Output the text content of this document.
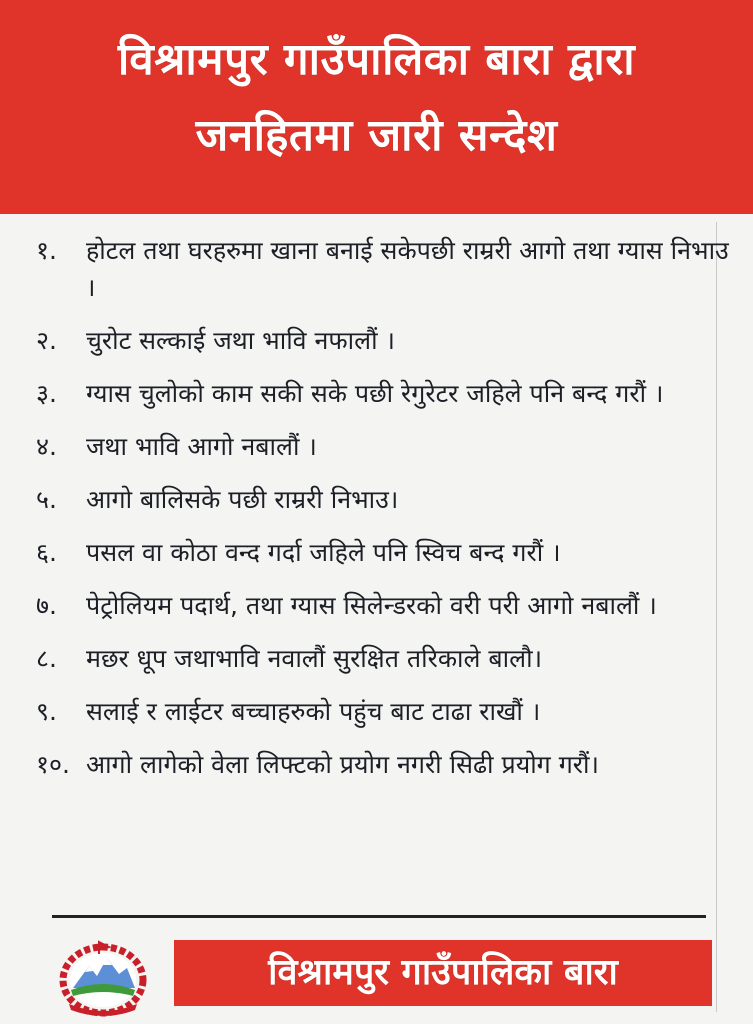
विश्रामपुर गाउँपालिका बारा द्वारा
जनहितमा जारी सन्देश
१.	होटल तथा घरहरुमा खाना बनाई सकेपछी राम्ररी आगो तथा ग्यास निभाउ ।
२.	चुरोट सल्काई जथा भावि नफालौं ।
३.	ग्यास चुलोको काम सकी सके पछी रेगुरेटर जहिले पनि बन्द गरौं ।
४.	जथा भावि आगो नबालौं ।
५.	आगो बालिसके पछी राम्ररी निभाउ।
६.	पसल वा कोठा वन्द गर्दा जहिले पनि स्विच बन्द गरौं ।
७.	पेट्रोलियम पदार्थ, तथा ग्यास सिलेन्डरको वरी परी आगो नबालौं ।
८.	मछर धूप जथाभावि नवालौं सुरक्षित तरिकाले बालौ।
९.	सलाई र लाईटर बच्चाहरुको पहुंच बाट टाढा राखौं ।
१०. आगो लागेको वेला लिफ्टको प्रयोग नगरी सिढी प्रयोग गरौं।
विश्रामपुर गाउँपालिका बारा
